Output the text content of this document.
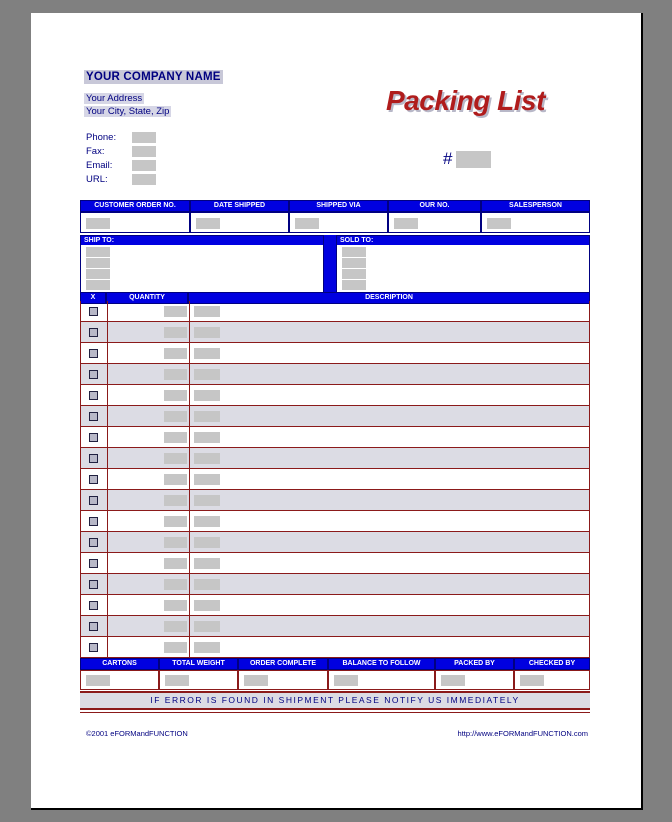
YOUR COMPANY NAME
Your Address
Your City, State, Zip
Phone:
Fax:
Email:
URL:
Packing List
#
CUSTOMER ORDER NO.	DATE SHIPPED	SHIPPED VIA	OUR NO.	SALESPERSON
SHIP TO:	SOLD TO:
X	QUANTITY	DESCRIPTION
CARTONS	TOTAL WEIGHT	ORDER COMPLETE	BALANCE TO FOLLOW	PACKED BY	CHECKED BY
IF ERROR IS FOUND IN SHIPMENT PLEASE NOTIFY US IMMEDIATELY
©2001 eFORMandFUNCTION	http://www.eFORMandFUNCTION.com
